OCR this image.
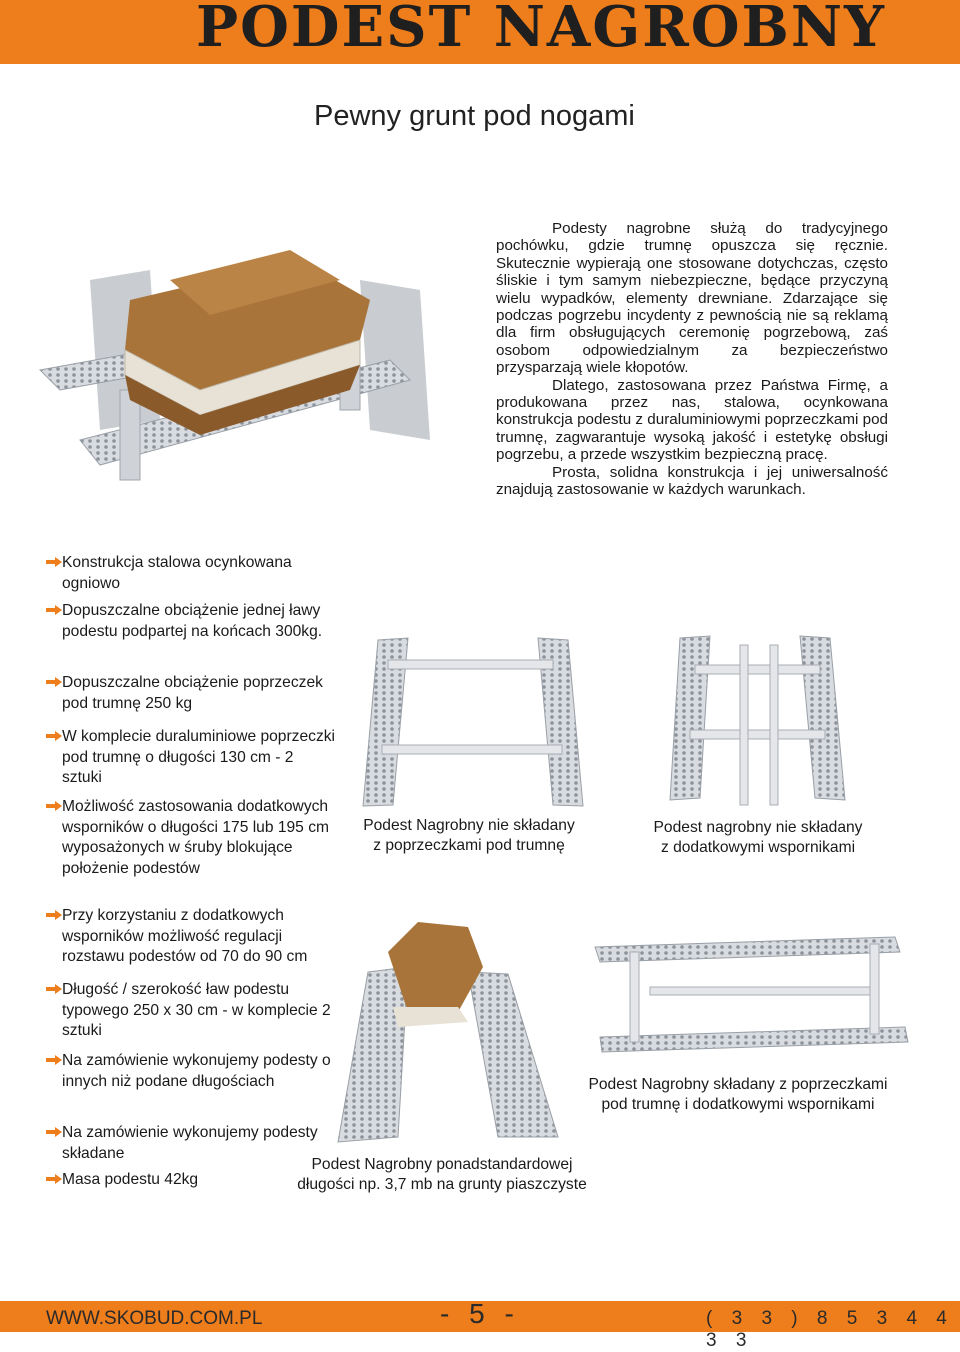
PODEST NAGROBNY
Pewny grunt pod nogami

Podesty nagrobne służą do tradycyjnego pochówku, gdzie trumnę opuszcza się ręcznie. Skutecznie wypierają one stosowane dotychczas, często śliskie i tym samym niebezpieczne, będące przyczyną wielu wypadków, elementy drewniane. Zdarzające się podczas pogrzebu incydenty z pewnością nie są reklamą dla firm obsługujących ceremonię pogrzebową, zaś osobom odpowiedzialnym za bezpieczeństwo przysparzają wiele kłopotów.

Dlatego, zastosowana przez Państwa Firmę, a produkowana przez nas, stalowa, ocynkowana konstrukcja podestu z duraluminiowymi poprzeczkami pod trumnę, zagwarantuje wysoką jakość i estetykę obsługi pogrzebu, a przede wszystkim bezpieczną pracę.

Prosta, solidna konstrukcja i jej uniwersalność znajdują zastosowanie w każdych warunkach.

Konstrukcja stalowa ocynkowana ogniowo
Dopuszczalne obciążenie jednej ławy podestu podpartej na końcach 300kg.
Dopuszczalne obciążenie poprzeczek pod trumnę 250 kg
W komplecie duraluminiowe poprzeczki pod trumnę o długości 130 cm - 2 sztuki
Możliwość zastosowania dodatkowych wsporników o długości 175 lub 195 cm wyposażonych w śruby blokujące położenie podestów
Przy korzystaniu z dodatkowych wsporników możliwość regulacji rozstawu podestów od 70 do 90 cm
Długość / szerokość ław podestu typowego 250 x 30 cm - w komplecie 2 sztuki
Na zamówienie wykonujemy podesty o innych niż podane długościach
Na zamówienie wykonujemy podesty składane
Masa podestu 42kg
Podest Nagrobny nie składany
z poprzeczkami pod trumnę
Podest nagrobny nie składany
z dodatkowymi wspornikami
Podest Nagrobny składany z poprzeczkami
pod trumnę i dodatkowymi wspornikami
Podest Nagrobny ponadstandardowej
długości np. 3,7 mb na grunty piaszczyste
WWW.SKOBUD.COM.PL	- 5 -	( 3 3 ) 8 5 3 4 4 3 3
